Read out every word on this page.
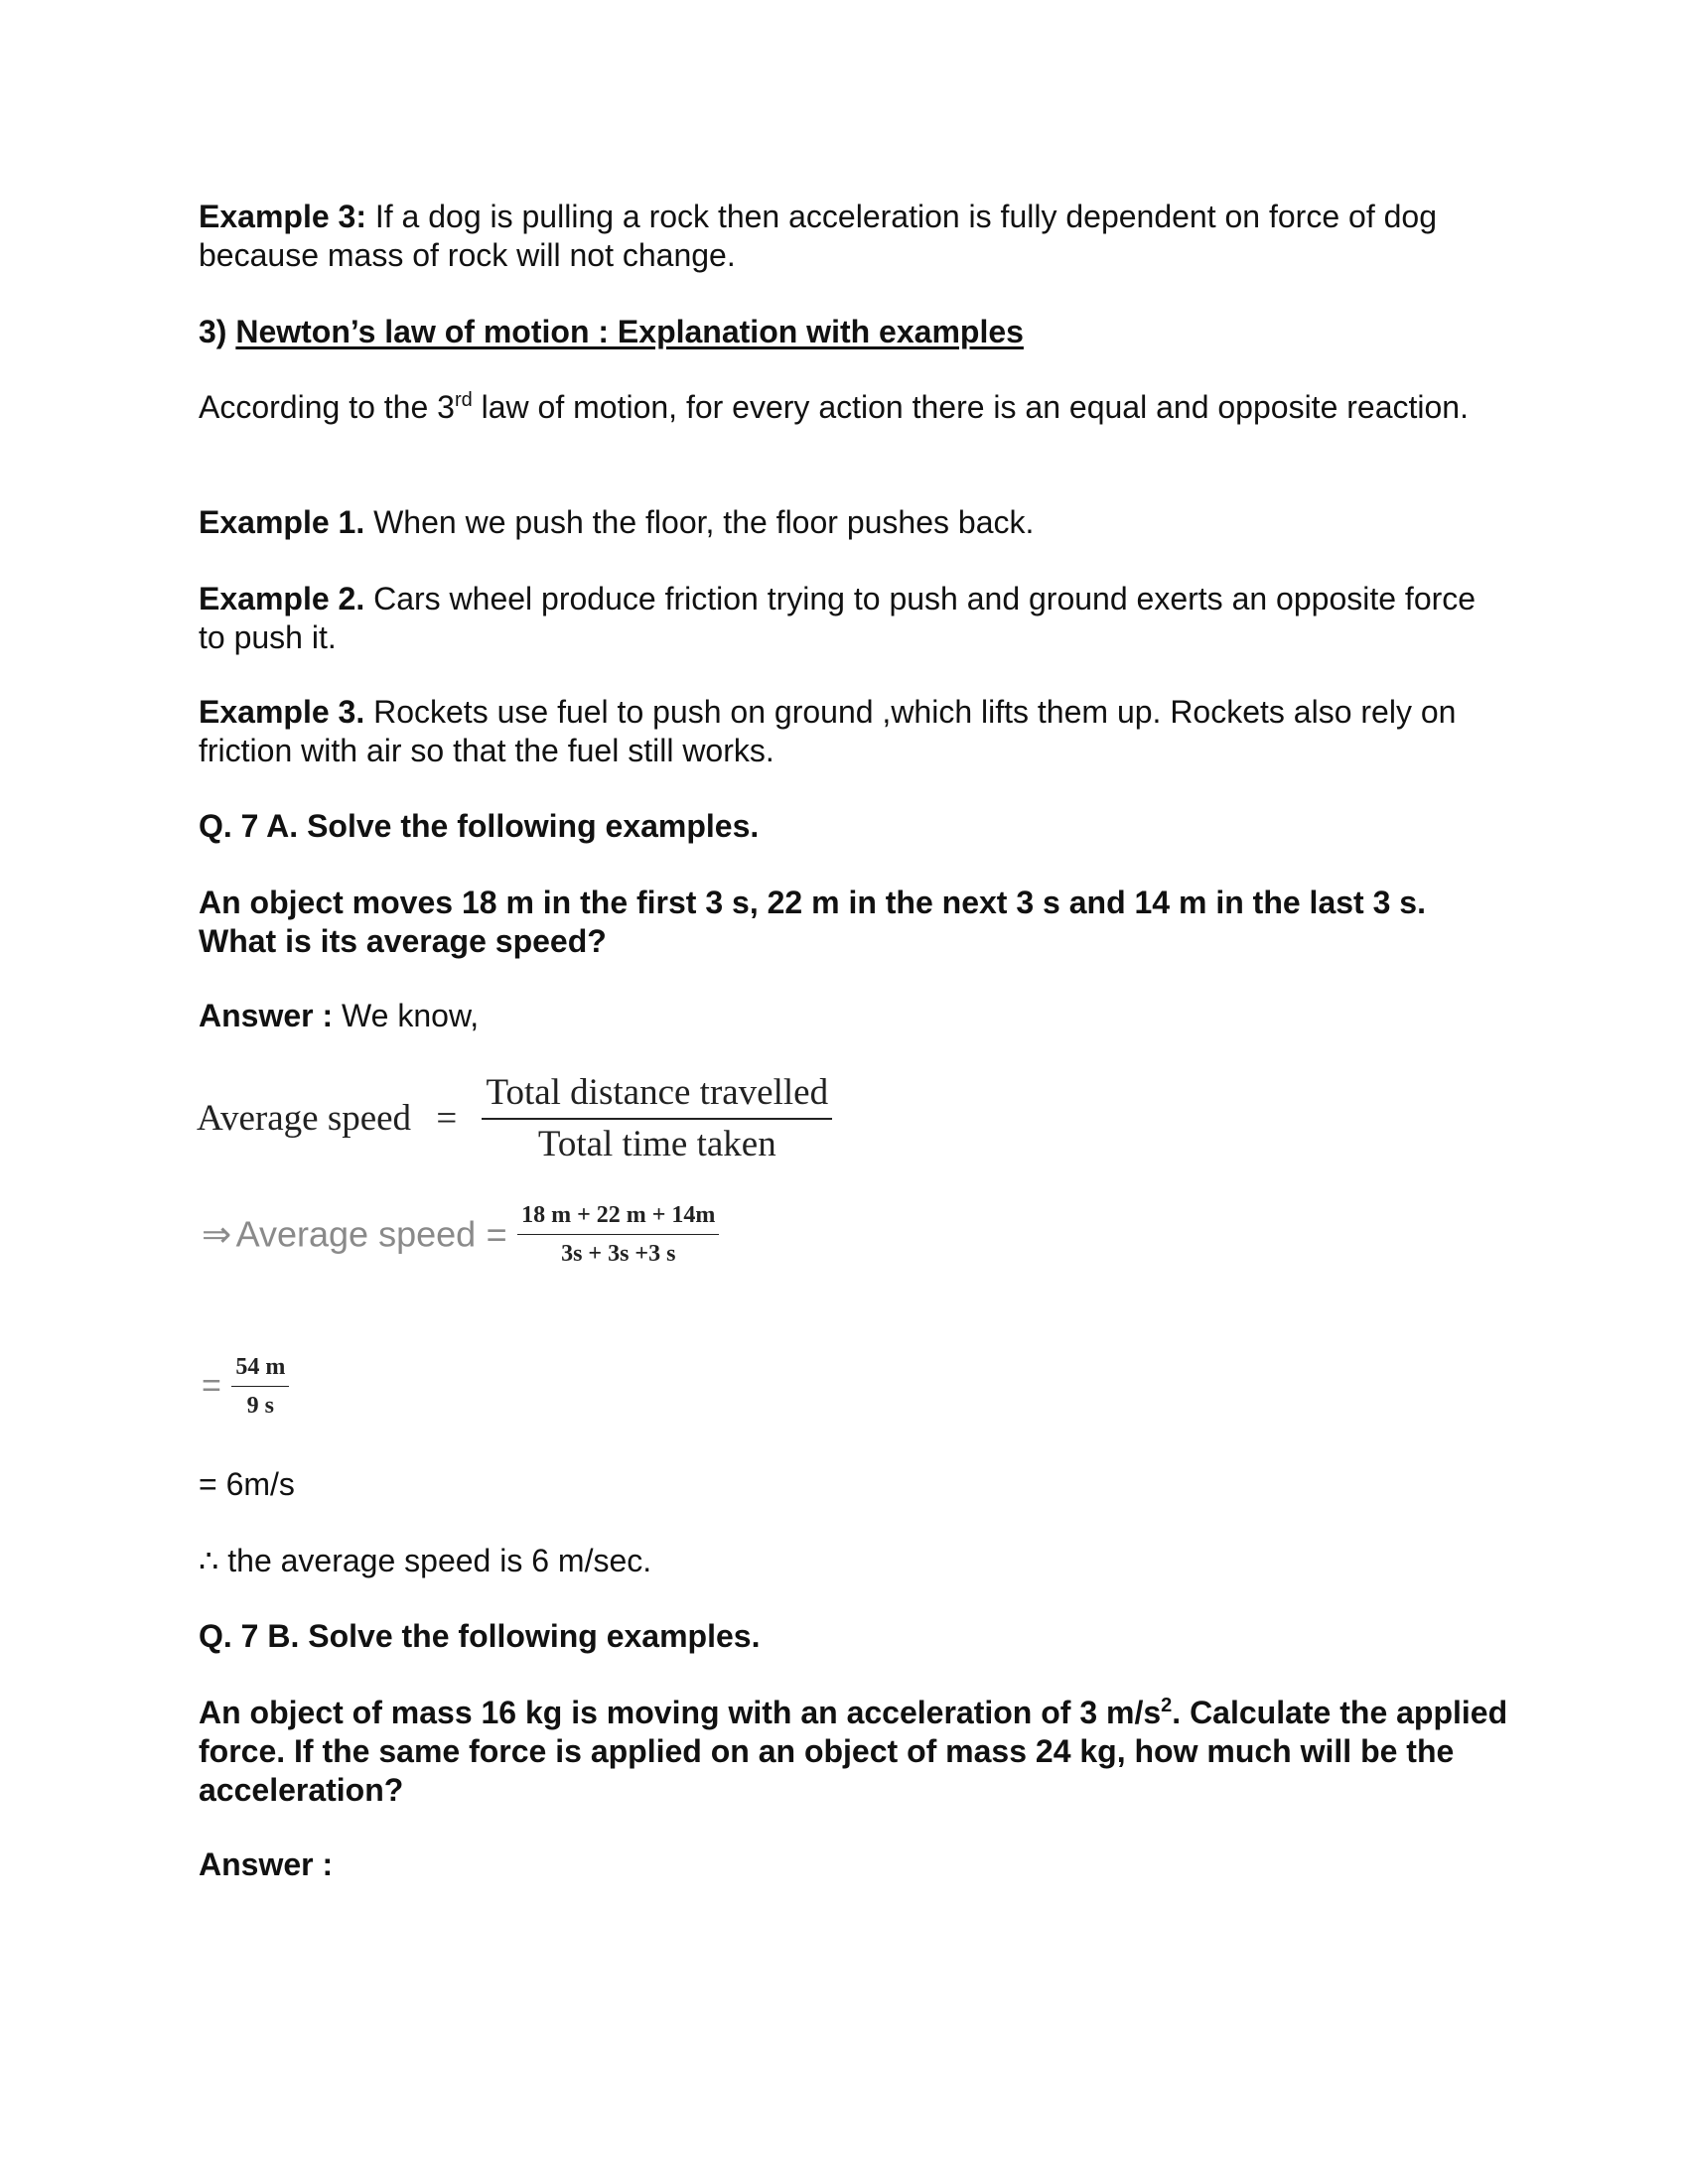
Example 3: If a dog is pulling a rock then acceleration is fully dependent on force of dog because mass of rock will not change.
3) Newton’s law of motion : Explanation with examples
According to the 3rd law of motion, for every action there is an equal and opposite reaction.
Example 1. When we push the floor, the floor pushes back.
Example 2. Cars wheel produce friction trying to push and ground exerts an opposite force to push it.
Example 3. Rockets use fuel to push on ground ,which lifts them up. Rockets also rely on friction with air so that the fuel still works.
Q. 7 A. Solve the following examples.
An object moves 18 m in the first 3 s, 22 m in the next 3 s and 14 m in the last 3 s. What is its average speed?
Answer : We know,
Average speed = $\frac{\text{Total distance travelled}}{\text{Total time taken}}$
⇒ Average speed = $\frac{18 m + 22 m + 14m}{3s + 3s +3 s}$
= $\frac{54 m}{9 s}$
= 6m/s
∴ the average speed is 6 m/sec.
Q. 7 B. Solve the following examples.
An object of mass 16 kg is moving with an acceleration of 3 $m/s^2$. Calculate the applied force. If the same force is applied on an object of mass 24 kg, how much will be the acceleration?
Answer :
